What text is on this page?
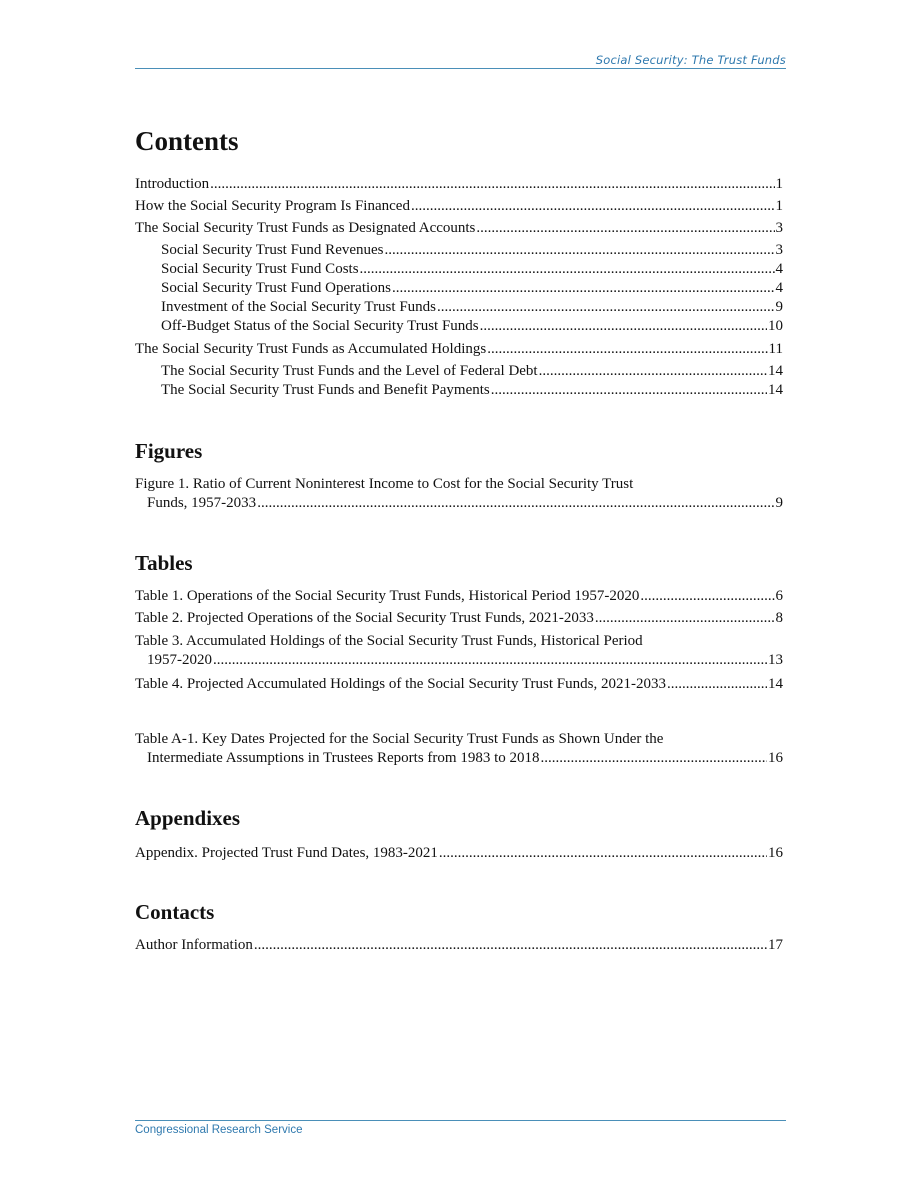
Social Security: The Trust Funds
Contents
Introduction .....	1
How the Social Security Program Is Financed .....	1
The Social Security Trust Funds as Designated Accounts .....	3
Social Security Trust Fund Revenues .....	3
Social Security Trust Fund Costs .....	4
Social Security Trust Fund Operations .....	4
Investment of the Social Security Trust Funds .....	9
Off-Budget Status of the Social Security Trust Funds .....	10
The Social Security Trust Funds as Accumulated Holdings .....	11
The Social Security Trust Funds and the Level of Federal Debt .....	14
The Social Security Trust Funds and Benefit Payments .....	14
Figures
Figure 1. Ratio of Current Noninterest Income to Cost for the Social Security Trust
Funds, 1957-2033 .....	9
Tables
Table 1. Operations of the Social Security Trust Funds, Historical Period 1957-2020 .....	6
Table 2. Projected Operations of the Social Security Trust Funds, 2021-2033 .....	8
Table 3. Accumulated Holdings of the Social Security Trust Funds, Historical Period
1957-2020 .....	13
Table 4. Projected Accumulated Holdings of the Social Security Trust Funds, 2021-2033 .....	14
Table A-1. Key Dates Projected for the Social Security Trust Funds as Shown Under the
Intermediate Assumptions in Trustees Reports from 1983 to 2018 .....	16
Appendixes
Appendix. Projected Trust Fund Dates, 1983-2021 .....	16
Contacts
Author Information .....	17
Congressional Research Service
